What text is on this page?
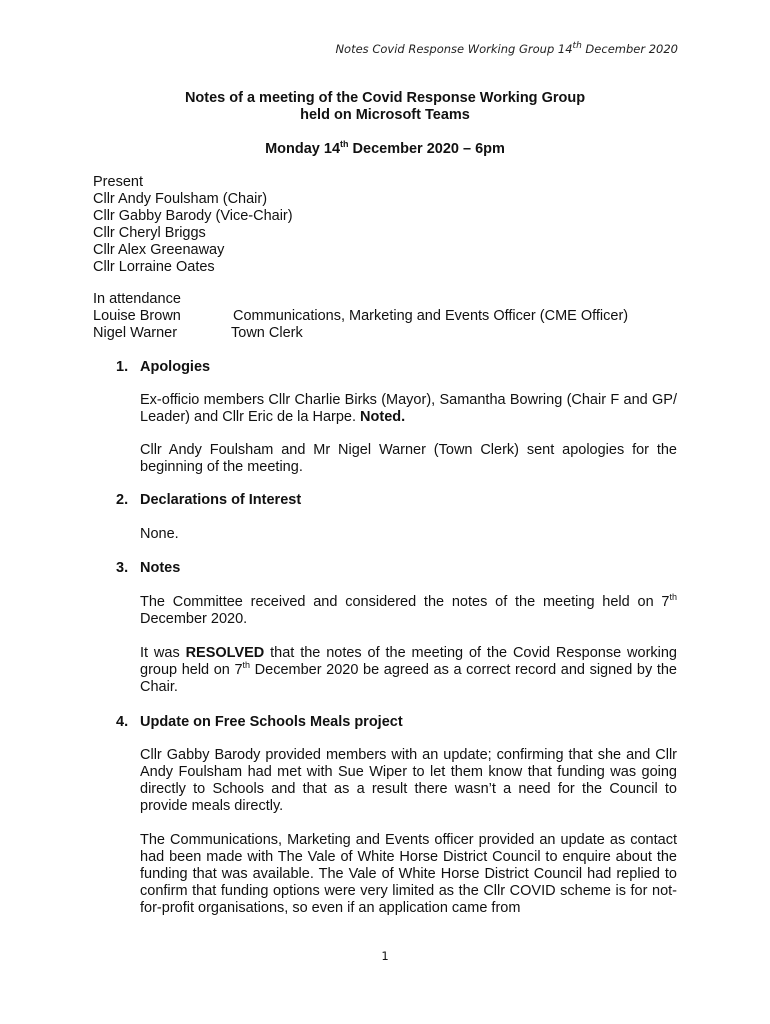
Notes Covid Response Working Group 14th December 2020
Notes of a meeting of the Covid Response Working Group
held on Microsoft Teams
Monday 14th December 2020 – 6pm
Present
Cllr Andy Foulsham (Chair)
Cllr Gabby Barody (Vice-Chair)
Cllr Cheryl Briggs
Cllr Alex Greenaway
Cllr Lorraine Oates
In attendance
Louise Brown	Communications, Marketing and Events Officer (CME Officer)
Nigel Warner	Town Clerk
1. Apologies
Ex-officio members Cllr Charlie Birks (Mayor), Samantha Bowring (Chair F and GP/ Leader) and Cllr Eric de la Harpe. Noted.
Cllr Andy Foulsham and Mr Nigel Warner (Town Clerk) sent apologies for the beginning of the meeting.
2. Declarations of Interest
None.
3. Notes
The Committee received and considered the notes of the meeting held on 7th December 2020.
It was RESOLVED that the notes of the meeting of the Covid Response working group held on 7th December 2020 be agreed as a correct record and signed by the Chair.
4. Update on Free Schools Meals project
Cllr Gabby Barody provided members with an update; confirming that she and Cllr Andy Foulsham had met with Sue Wiper to let them know that funding was going directly to Schools and that as a result there wasn’t a need for the Council to provide meals directly.
The Communications, Marketing and Events officer provided an update as contact had been made with The Vale of White Horse District Council to enquire about the funding that was available. The Vale of White Horse District Council had replied to confirm that funding options were very limited as the Cllr COVID scheme is for not-for-profit organisations, so even if an application came from
1
